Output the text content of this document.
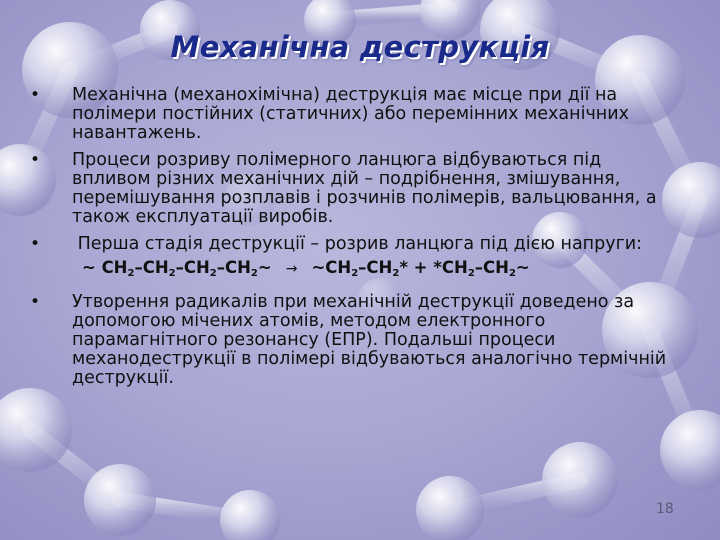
Механічна деструкція
• Механічна (механохімічна) деструкція має місце при дії на полімери постійних (статичних) або перемінних механічних навантажень.
• Процеси розриву полімерного ланцюга відбуваються під впливом різних механічних дій – подрібнення, змішування, перемішування розплавів і розчинів полімерів, вальцювання, а також експлуатації виробів.
• Перша стадія деструкції – розрив ланцюга під дією напруги:
~ $CH_2-CH_2-CH_2-CH_2\sim$ → $\sim CH_2-CH_2*$ + $*CH_2-CH_2\sim$
• Утворення радикалів при механічній деструкції доведено за допомогою мічених атомів, методом електронного парамагнітного резонансу (ЕПР). Подальші процеси механодеструкції в полімері відбуваються аналогічно термічній деструкції.
18
